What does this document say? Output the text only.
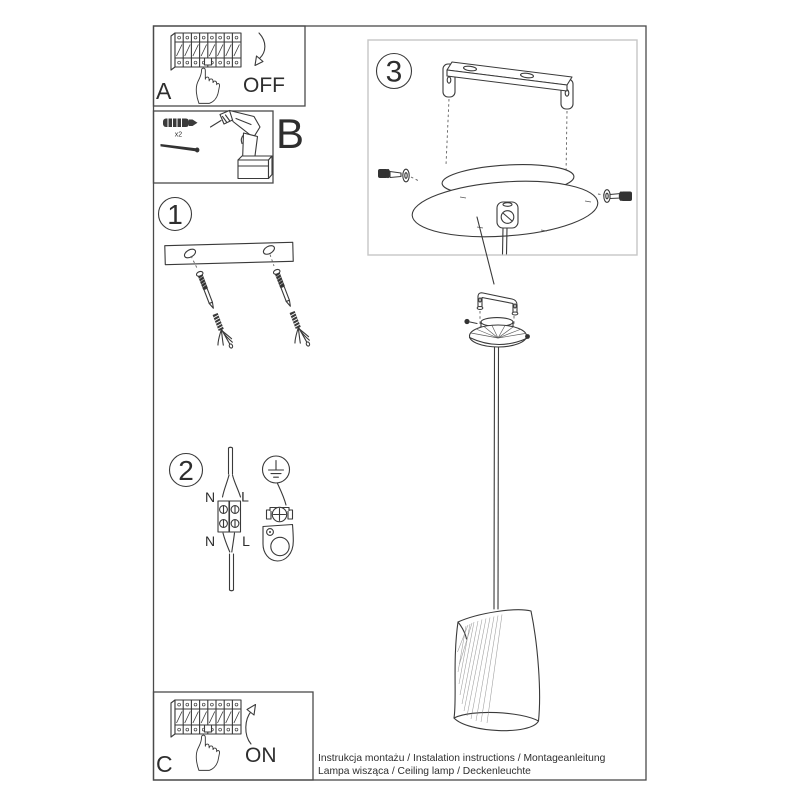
OFF
A
x2 B
1
2
N L
N L
3
ON
C	Instrukcja montażu / Instalation instructions / Montageanleitung
Lampa wisząca / Ceiling lamp / Deckenleuchte
